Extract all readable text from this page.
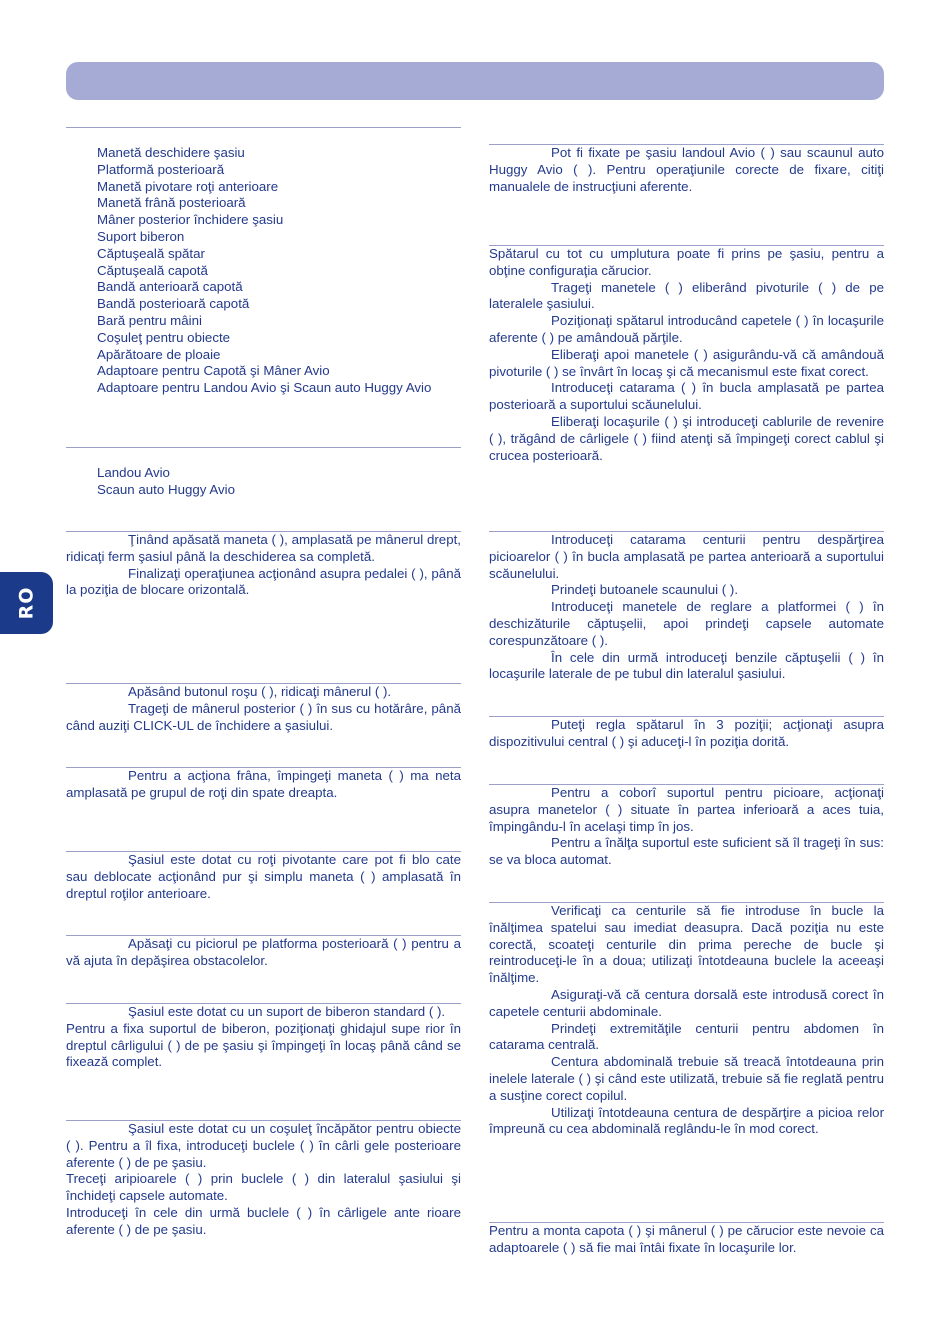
RO
Manetă deschidere şasiu
Platformă posterioară
Manetă pivotare roţi anterioare
Manetă frână posterioară
Mâner posterior închidere şasiu
Suport biberon
Căptuşeală spătar
Căptuşeală capotă
Bandă anterioară capotă
Bandă posterioară capotă
Bară pentru mâini
Coşuleţ pentru obiecte
Apărătoare de ploaie
Adaptoare pentru Capotă şi Mâner Avio
Adaptoare pentru Landou Avio şi Scaun auto Huggy Avio
Landou Avio
Scaun auto Huggy Avio

Ţinând apăsată maneta ( ), amplasată pe mânerul drept, ridicaţi ferm şasiul până la deschiderea sa completă.

Finalizaţi operaţiunea acţionând asupra pedalei ( ), până la poziţia de blocare orizontală.

Apăsând butonul roşu ( ), ridicaţi mânerul ( ).

Trageţi de mânerul posterior ( ) în sus cu hotărâre, până când auziţi CLICK-UL de închidere a şasiului.

Pentru a acţiona frâna, împingeţi maneta ( ) ma neta amplasată pe grupul de roţi din spate dreapta.

Şasiul este dotat cu roţi pivotante care pot fi blo cate sau deblocate acţionând pur şi simplu maneta ( ) amplasată în dreptul roţilor anterioare.

Apăsaţi cu piciorul pe platforma posterioară ( ) pentru a vă ajuta în depăşirea obstacolelor.

Şasiul este dotat cu un suport de biberon standard ( ).

Pentru a fixa suportul de biberon, poziţionaţi ghidajul supe rior în dreptul cârligului ( ) de pe şasiu şi împingeţi în locaş până când se fixează complet.

Şasiul este dotat cu un coşuleţ încăpător pentru obiecte ( ). Pentru a îl fixa, introduceţi buclele ( ) în cârli gele posterioare aferente ( ) de pe şasiu.

Treceţi aripioarele ( ) prin buclele ( ) din lateralul şasiului şi închideţi capsele automate.

Introduceţi în cele din urmă buclele ( ) în cârligele ante rioare aferente ( ) de pe şasiu.

Pot fi fixate pe şasiu landoul Avio ( ) sau scaunul auto Huggy Avio ( ). Pentru operaţiunile corecte de fixare, citiţi manualele de instrucţiuni aferente.

Spătarul cu tot cu umplutura poate fi prins pe şasiu, pentru a obţine configuraţia cărucior.

Trageţi manetele ( ) eliberând pivoturile ( ) de pe lateralele şasiului.

Poziţionaţi spătarul introducând capetele ( ) în locaşurile aferente ( ) pe amândouă părţile.

Eliberaţi apoi manetele ( ) asigurându-vă că amândouă pivoturile ( ) se învârt în locaş şi că mecanismul este fixat corect.

Introduceţi catarama ( ) în bucla amplasată pe partea posterioară a suportului scăunelului.

Eliberaţi locaşurile ( ) şi introduceţi cablurile de revenire ( ), trăgând de cârligele ( ) fiind atenţi să împingeţi corect cablul şi crucea posterioară.

Introduceţi catarama centurii pentru despărţirea picioarelor ( ) în bucla amplasată pe partea anterioară a suportului scăunelului.

Prindeţi butoanele scaunului ( ).

Introduceţi manetele de reglare a platformei ( ) în deschizăturile căptuşelii, apoi prindeţi capsele automate corespunzătoare ( ).

În cele din urmă introduceţi benzile căptuşelii ( ) în locaşurile laterale de pe tubul din lateralul şasiului.

Puteţi regla spătarul în 3 poziţii; acţionaţi asupra dispozitivului central ( ) şi aduceţi-l în poziţia dorită.

Pentru a coborî suportul pentru picioare, acţionaţi asupra manetelor ( ) situate în partea inferioară a aces tuia, împingându-l în acelaşi timp în jos.

Pentru a înălţa suportul este suficient să îl trageţi în sus: se va bloca automat.

Verificaţi ca centurile să fie introduse în bucle la înălţimea spatelui sau imediat deasupra. Dacă poziţia nu este corectă, scoateţi centurile din prima pereche de bucle şi reintroduceţi-le în a doua; utilizaţi întotdeauna buclele la aceeaşi înălţime.

Asiguraţi-vă că centura dorsală este introdusă corect în capetele centurii abdominale.

Prindeţi extremităţile centurii pentru abdomen în catarama centrală.

Centura abdominală trebuie să treacă întotdeauna prin inelele laterale ( ) şi când este utilizată, trebuie să fie reglată pentru a susţine corect copilul.

Utilizaţi întotdeauna centura de despărţire a picioa relor împreună cu cea abdominală reglându-le în mod corect.

Pentru a monta capota ( ) şi mânerul ( ) pe cărucior este nevoie ca adaptoarele ( ) să fie mai întâi fixate în locaşurile lor.
